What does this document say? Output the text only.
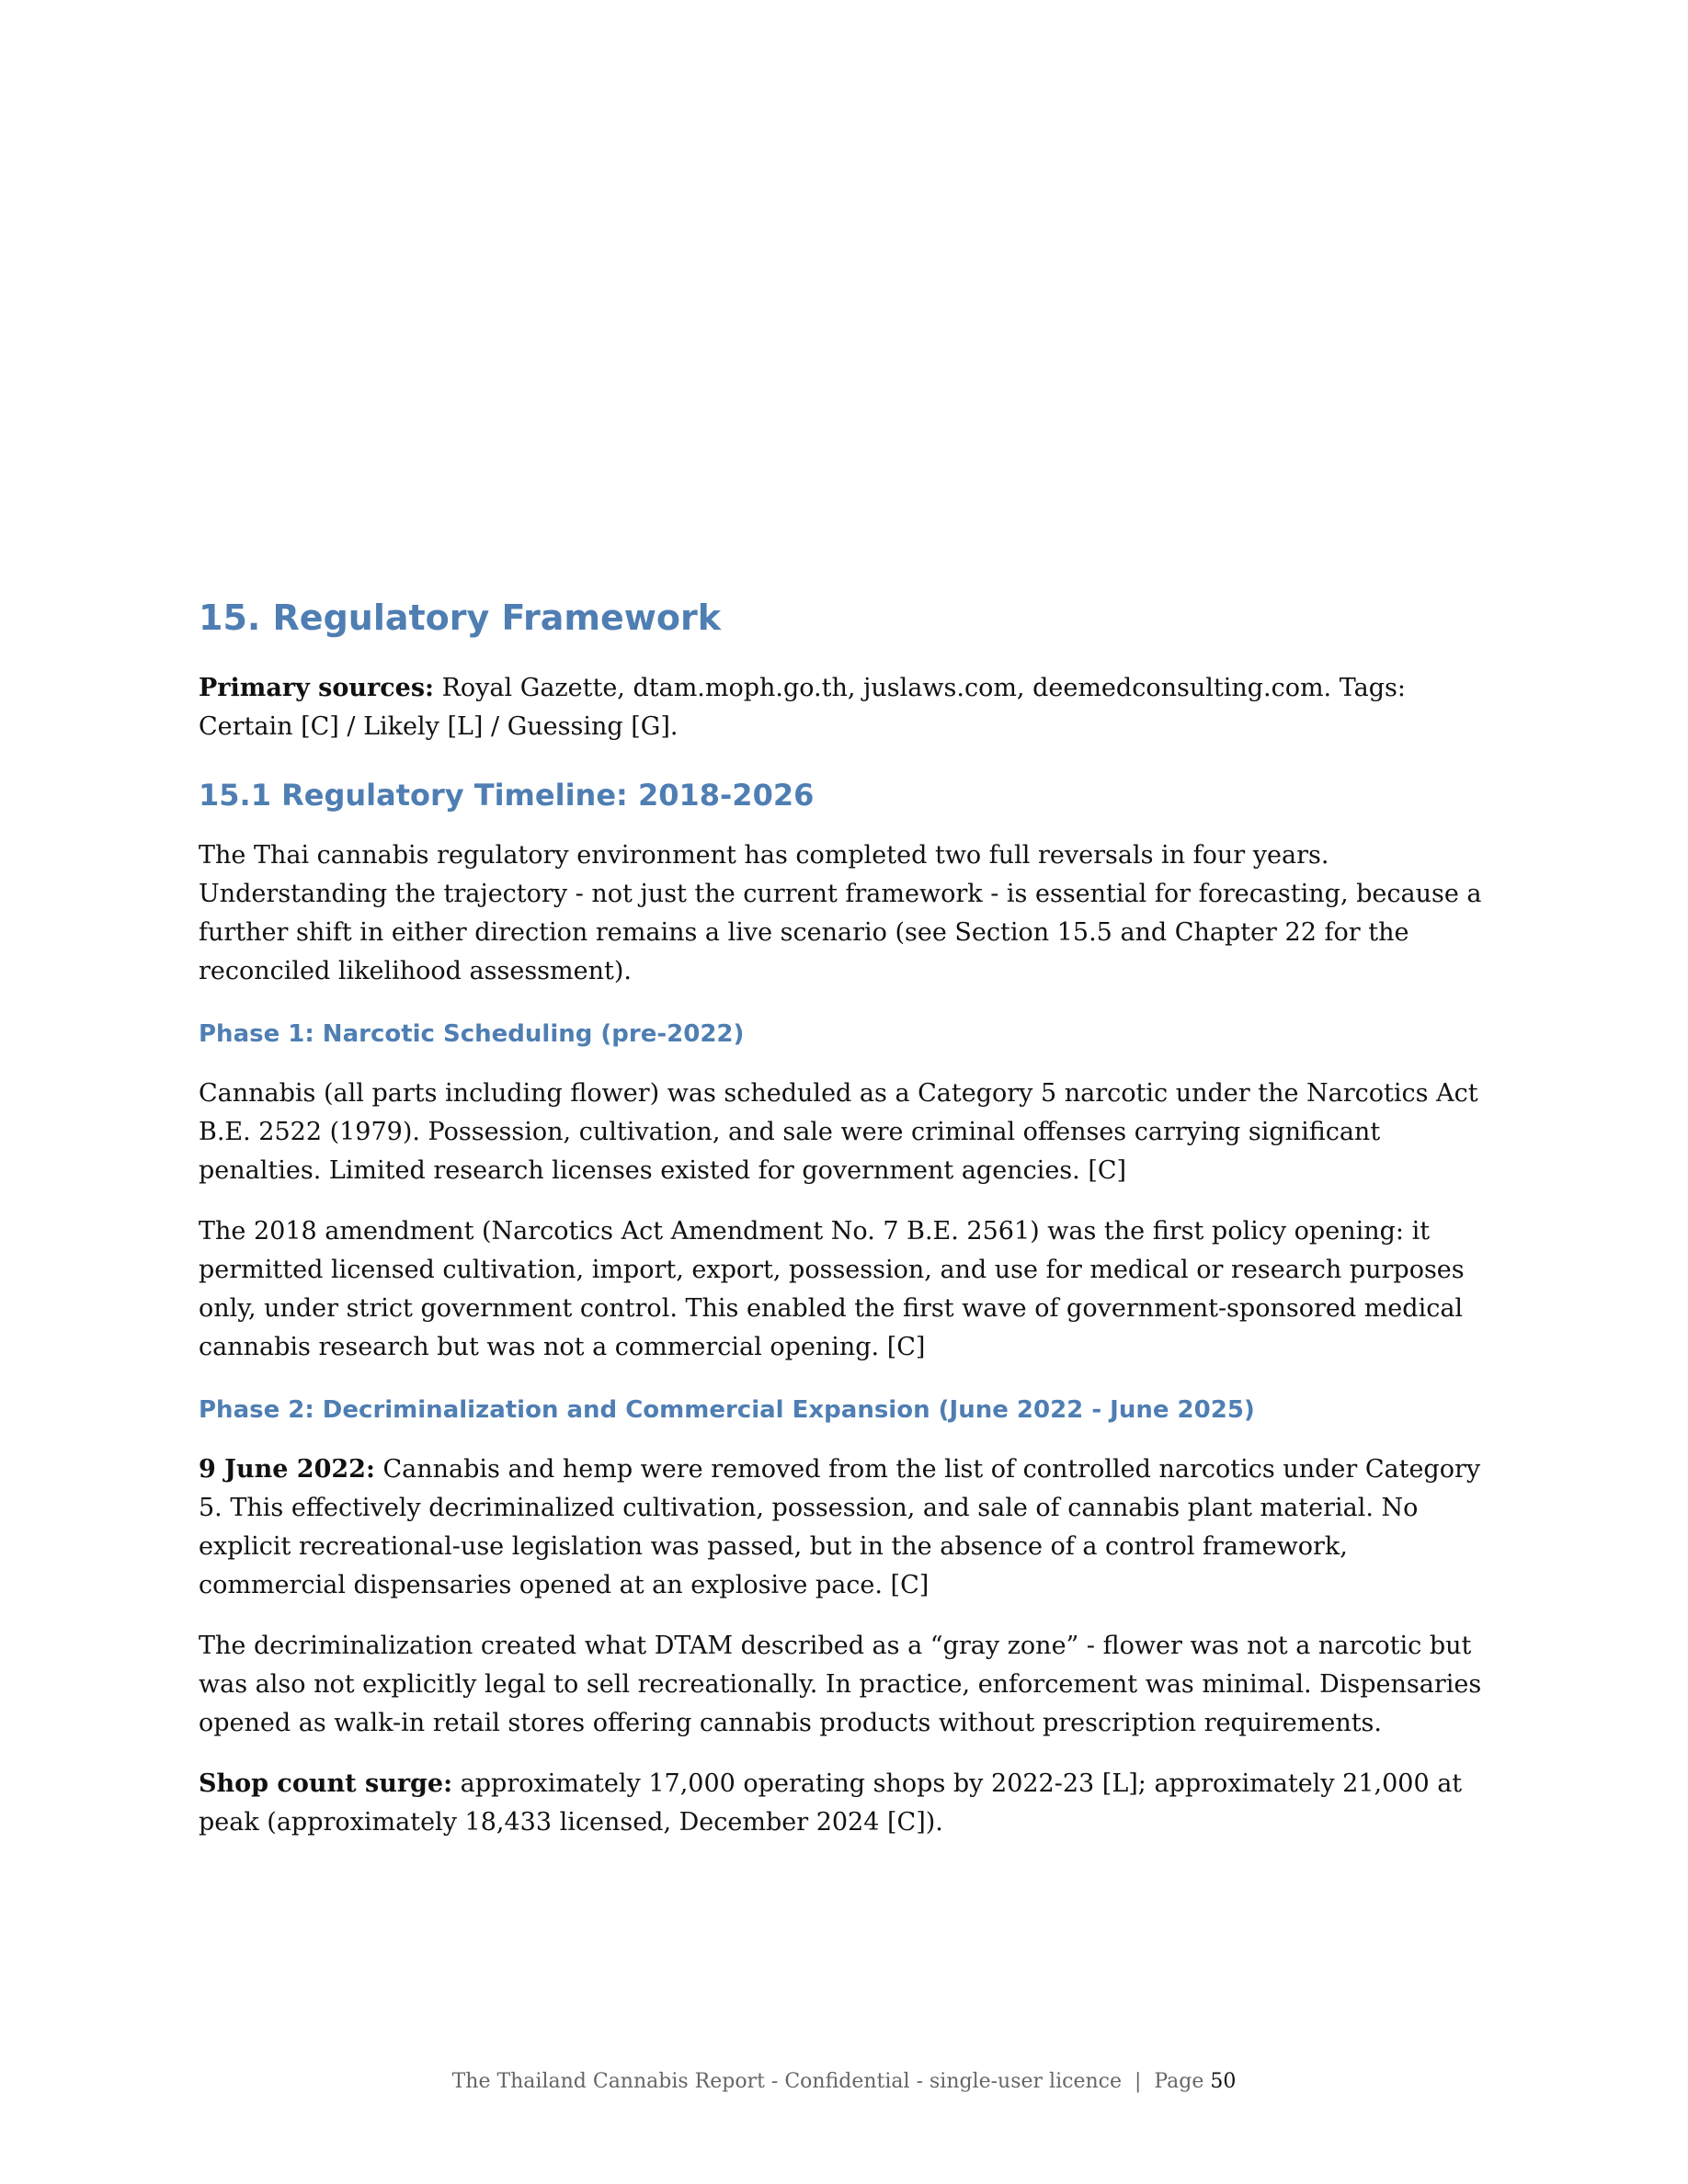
15. Regulatory Framework

Primary sources: Royal Gazette, dtam.moph.go.th, juslaws.com, deemedconsulting.com. Tags: Certain [C] / Likely [L] / Guessing [G].

15.1 Regulatory Timeline: 2018-2026

The Thai cannabis regulatory environment has completed two full reversals in four years. Understanding the trajectory - not just the current framework - is essential for forecasting, because a further shift in either direction remains a live scenario (see Section 15.5 and Chapter 22 for the reconciled likelihood assessment).

Phase 1: Narcotic Scheduling (pre-2022)

Cannabis (all parts including flower) was scheduled as a Category 5 narcotic under the Narcotics Act B.E. 2522 (1979). Possession, cultivation, and sale were criminal offenses carrying significant penalties. Limited research licenses existed for government agencies. [C]

The 2018 amendment (Narcotics Act Amendment No. 7 B.E. 2561) was the first policy opening: it permitted licensed cultivation, import, export, possession, and use for medical or research purposes only, under strict government control. This enabled the first wave of government-sponsored medical cannabis research but was not a commercial opening. [C]

Phase 2: Decriminalization and Commercial Expansion (June 2022 - June 2025)

9 June 2022: Cannabis and hemp were removed from the list of controlled narcotics under Category 5. This effectively decriminalized cultivation, possession, and sale of cannabis plant material. No explicit recreational-use legislation was passed, but in the absence of a control framework, commercial dispensaries opened at an explosive pace. [C]

The decriminalization created what DTAM described as a “gray zone” - flower was not a narcotic but was also not explicitly legal to sell recreationally. In practice, enforcement was minimal. Dispensaries opened as walk-in retail stores offering cannabis products without prescription requirements.

Shop count surge: approximately 17,000 operating shops by 2022-23 [L]; approximately 21,000 at peak (approximately 18,433 licensed, December 2024 [C]).

The Thailand Cannabis Report - Confidential - single-user licence  |  Page 50
